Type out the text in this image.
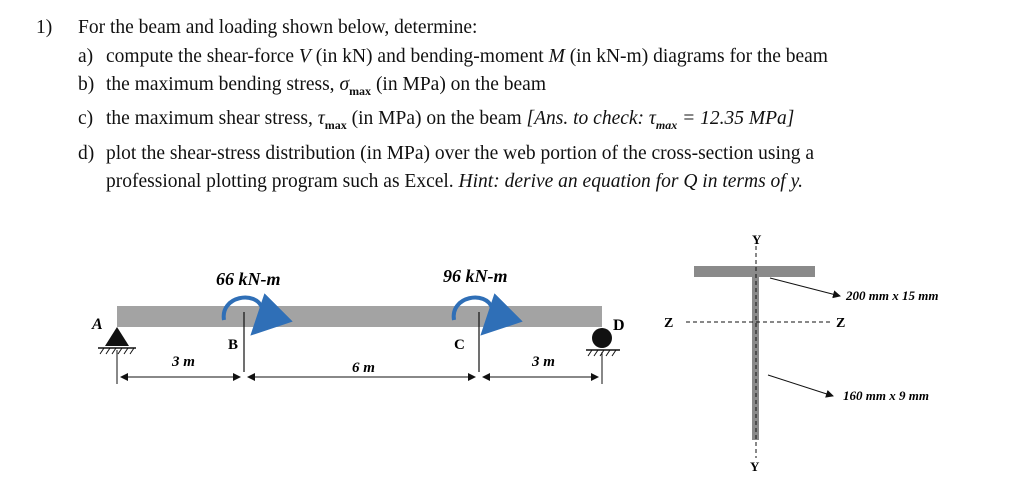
1)	For the beam and loading shown below, determine:
a) compute the shear-force V (in kN) and bending-moment M (in kN-m) diagrams for the beam
b) the maximum bending stress, $\sigma_{max}$ (in MPa) on the beam
c) the maximum shear stress, $\tau_{max}$ (in MPa) on the beam [Ans. to check: $\tau_{max} = 12.35$ MPa]
d) plot the shear-stress distribution (in MPa) over the web portion of the cross-section using a
professional plotting program such as Excel. Hint: derive an equation for Q in terms of y.
66 kN-m	96 kN-m
A
B	C
D
3 m	6 m	3 m
Y
Y
Z	Z
200 mm x 15 mm
160 mm x 9 mm
